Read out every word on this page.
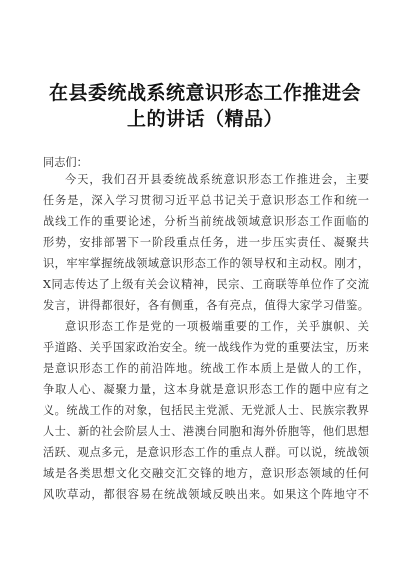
在县委统战系统意识形态工作推进会
上的讲话（精品）
同志们：
今天，我们召开县委统战系统意识形态工作推进会，主要
任务是，深入学习贯彻习近平总书记关于意识形态工作和统一
战线工作的重要论述，分析当前统战领域意识形态工作面临的
形势，安排部署下一阶段重点任务，进一步压实责任、凝聚共
识，牢牢掌握统战领域意识形态工作的领导权和主动权。刚才，
X同志传达了上级有关会议精神，民宗、工商联等单位作了交流
发言，讲得都很好，各有侧重，各有亮点，值得大家学习借鉴。
意识形态工作是党的一项极端重要的工作，关乎旗帜、关
乎道路、关乎国家政治安全。统一战线作为党的重要法宝，历来
是意识形态工作的前沿阵地。统战工作本质上是做人的工作，
争取人心、凝聚力量，这本身就是意识形态工作的题中应有之
义。统战工作的对象，包括民主党派、无党派人士、民族宗教界
人士、新的社会阶层人士、港澳台同胞和海外侨胞等，他们思想
活跃、观点多元，是意识形态工作的重点人群。可以说，统战领
域是各类思想文化交融交汇交锋的地方，意识形态领域的任何
风吹草动，都很容易在统战领域反映出来。如果这个阵地守不
